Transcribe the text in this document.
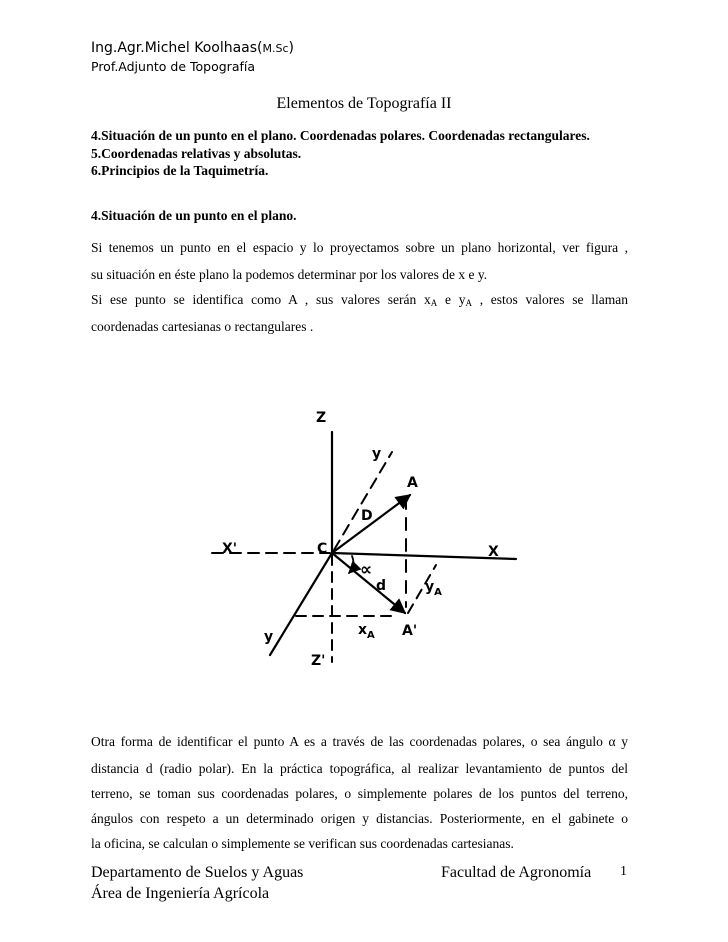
Ing.Agr.Michel Koolhaas(M.Sc)
Prof.Adjunto de Topografía
Elementos de Topografía II
4.Situación de un punto en el plano. Coordenadas polares. Coordenadas rectangulares.
5.Coordenadas relativas y absolutas.
6.Principios de la Taquimetría.
4.Situación de un punto en el plano.
Si tenemos un punto en el espacio y lo proyectamos sobre un plano horizontal, ver figura ,
su situación en éste plano la podemos determinar por los valores de x e y.
Si ese punto se identifica como A , sus valores serán $x_A$ e $y_A$ , estos valores se llaman
coordenadas cartesianas o rectangulares .
Z
Z'
X
X'
y
y
C
A
A'
D
d
∝
$x_A$
$y_A$
Otra forma de identificar el punto A es a través de las coordenadas polares, o sea ángulo α y
distancia d (radio polar). En la práctica topográfica, al realizar levantamiento de puntos del
terreno, se toman sus coordenadas polares, o simplemente polares de los puntos del terreno,
ángulos con respeto a un determinado origen y distancias. Posteriormente, en el gabinete o
la oficina, se calculan o simplemente se verifican sus coordenadas cartesianas.
Departamento de Suelos y Aguas
Área de Ingeniería Agrícola
Facultad de Agronomía 1
